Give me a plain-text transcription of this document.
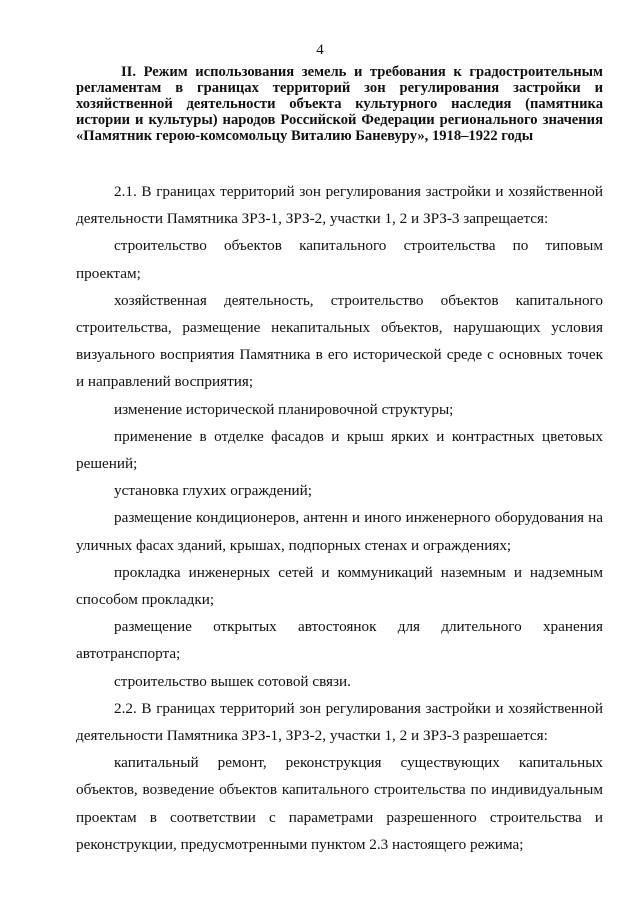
4
II. Режим использования земель и требования к градостроительным регламентам в границах территорий зон регулирования застройки и хозяйственной деятельности объекта культурного наследия (памятника истории и культуры) народов Российской Федерации регионального значения «Памятник герою-комсомольцу Виталию Баневуру», 1918–1922 годы

2.1. В границах территорий зон регулирования застройки и хозяйственной деятельности Памятника ЗРЗ-1, ЗРЗ-2, участки 1, 2 и ЗРЗ-3 запрещается:

строительство объектов капитального строительства по типовым проектам;

хозяйственная деятельность, строительство объектов капитального строительства, размещение некапитальных объектов, нарушающих условия визуального восприятия Памятника в его исторической среде с основных точек и направлений восприятия;

изменение исторической планировочной структуры;

применение в отделке фасадов и крыш ярких и контрастных цветовых решений;

установка глухих ограждений;

размещение кондиционеров, антенн и иного инженерного оборудования на уличных фасах зданий, крышах, подпорных стенах и ограждениях;

прокладка инженерных сетей и коммуникаций наземным и надземным способом прокладки;

размещение открытых автостоянок для длительного хранения автотранспорта;

строительство вышек сотовой связи.

2.2. В границах территорий зон регулирования застройки и хозяйственной деятельности Памятника ЗРЗ-1, ЗРЗ-2, участки 1, 2 и ЗРЗ-3 разрешается:

капитальный ремонт, реконструкция существующих капитальных объектов, возведение объектов капитального строительства по индивидуальным проектам в соответствии с параметрами разрешенного строительства и реконструкции, предусмотренными пунктом 2.3 настоящего режима;
